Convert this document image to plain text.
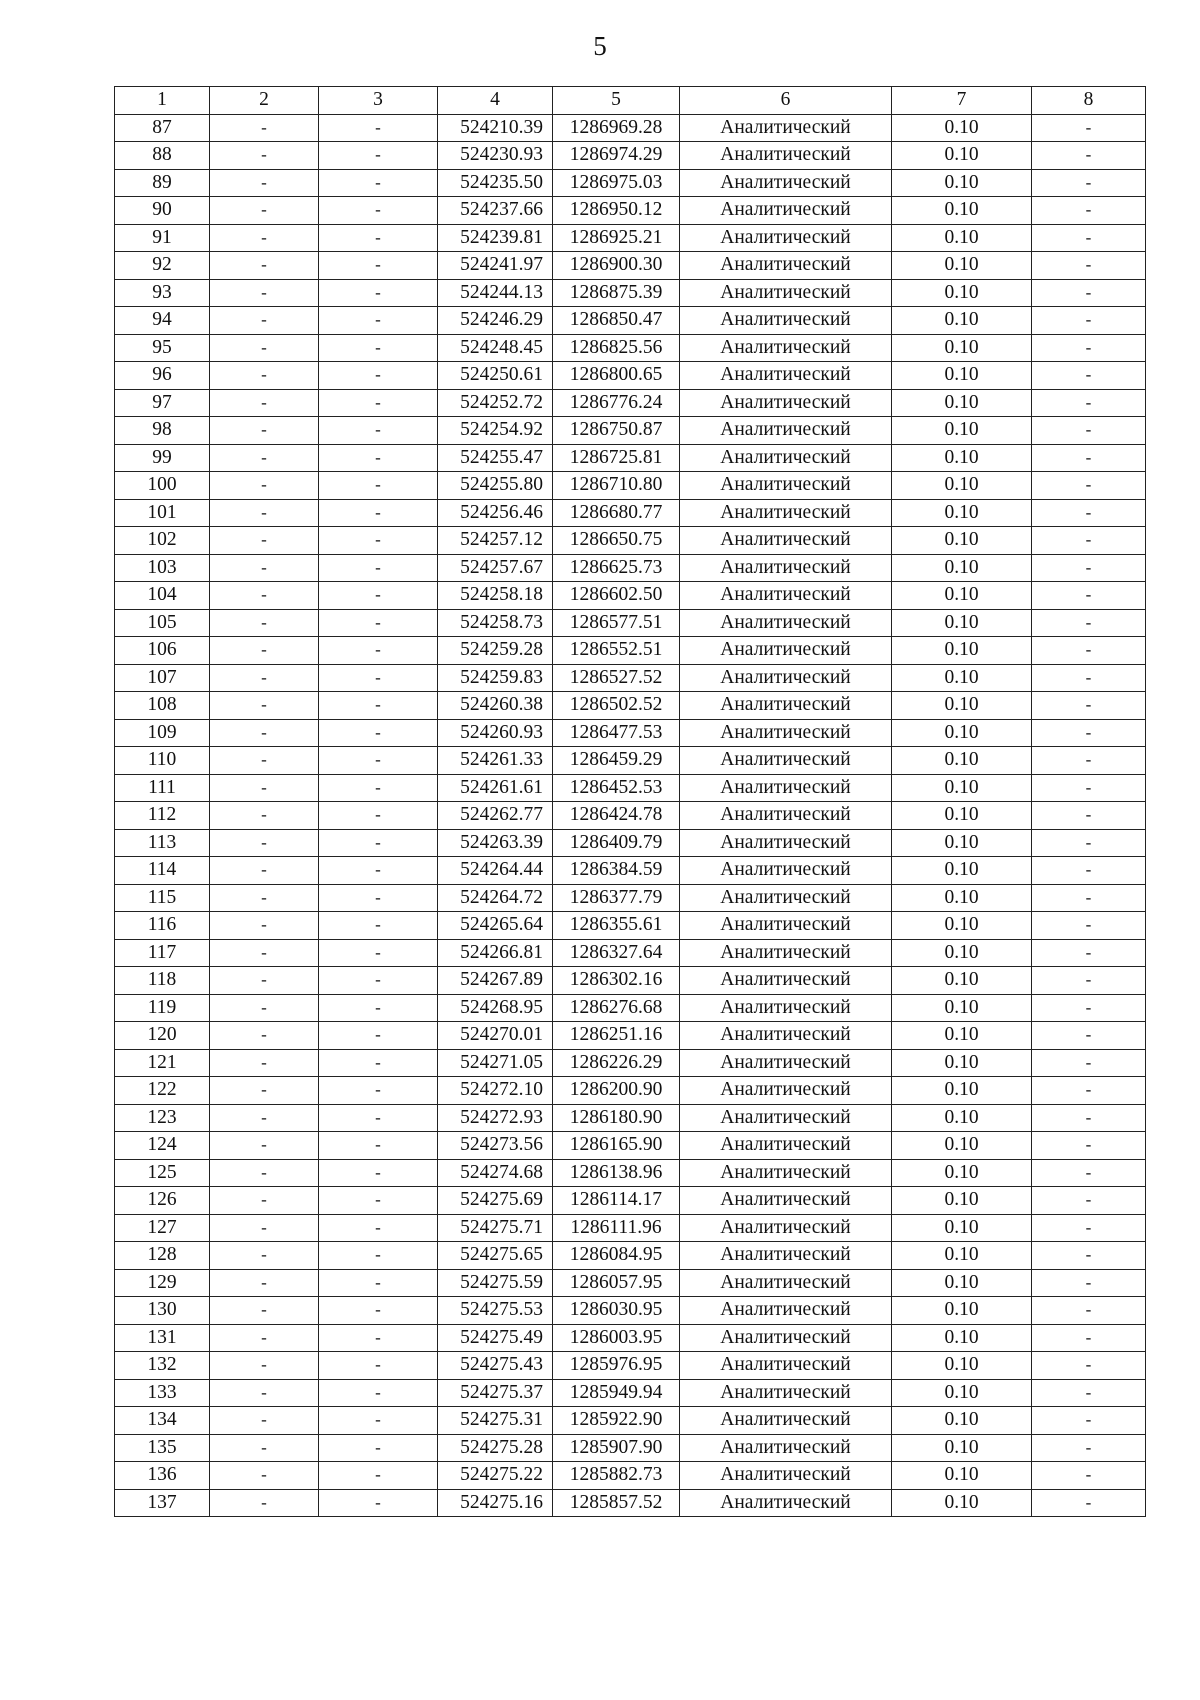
5
1	2	3	4	5	6	7	8
87	-	-	524210.39	1286969.28	Аналитический	0.10	-
88	-	-	524230.93	1286974.29	Аналитический	0.10	-
89	-	-	524235.50	1286975.03	Аналитический	0.10	-
90	-	-	524237.66	1286950.12	Аналитический	0.10	-
91	-	-	524239.81	1286925.21	Аналитический	0.10	-
92	-	-	524241.97	1286900.30	Аналитический	0.10	-
93	-	-	524244.13	1286875.39	Аналитический	0.10	-
94	-	-	524246.29	1286850.47	Аналитический	0.10	-
95	-	-	524248.45	1286825.56	Аналитический	0.10	-
96	-	-	524250.61	1286800.65	Аналитический	0.10	-
97	-	-	524252.72	1286776.24	Аналитический	0.10	-
98	-	-	524254.92	1286750.87	Аналитический	0.10	-
99	-	-	524255.47	1286725.81	Аналитический	0.10	-
100	-	-	524255.80	1286710.80	Аналитический	0.10	-
101	-	-	524256.46	1286680.77	Аналитический	0.10	-
102	-	-	524257.12	1286650.75	Аналитический	0.10	-
103	-	-	524257.67	1286625.73	Аналитический	0.10	-
104	-	-	524258.18	1286602.50	Аналитический	0.10	-
105	-	-	524258.73	1286577.51	Аналитический	0.10	-
106	-	-	524259.28	1286552.51	Аналитический	0.10	-
107	-	-	524259.83	1286527.52	Аналитический	0.10	-
108	-	-	524260.38	1286502.52	Аналитический	0.10	-
109	-	-	524260.93	1286477.53	Аналитический	0.10	-
110	-	-	524261.33	1286459.29	Аналитический	0.10	-
111	-	-	524261.61	1286452.53	Аналитический	0.10	-
112	-	-	524262.77	1286424.78	Аналитический	0.10	-
113	-	-	524263.39	1286409.79	Аналитический	0.10	-
114	-	-	524264.44	1286384.59	Аналитический	0.10	-
115	-	-	524264.72	1286377.79	Аналитический	0.10	-
116	-	-	524265.64	1286355.61	Аналитический	0.10	-
117	-	-	524266.81	1286327.64	Аналитический	0.10	-
118	-	-	524267.89	1286302.16	Аналитический	0.10	-
119	-	-	524268.95	1286276.68	Аналитический	0.10	-
120	-	-	524270.01	1286251.16	Аналитический	0.10	-
121	-	-	524271.05	1286226.29	Аналитический	0.10	-
122	-	-	524272.10	1286200.90	Аналитический	0.10	-
123	-	-	524272.93	1286180.90	Аналитический	0.10	-
124	-	-	524273.56	1286165.90	Аналитический	0.10	-
125	-	-	524274.68	1286138.96	Аналитический	0.10	-
126	-	-	524275.69	1286114.17	Аналитический	0.10	-
127	-	-	524275.71	1286111.96	Аналитический	0.10	-
128	-	-	524275.65	1286084.95	Аналитический	0.10	-
129	-	-	524275.59	1286057.95	Аналитический	0.10	-
130	-	-	524275.53	1286030.95	Аналитический	0.10	-
131	-	-	524275.49	1286003.95	Аналитический	0.10	-
132	-	-	524275.43	1285976.95	Аналитический	0.10	-
133	-	-	524275.37	1285949.94	Аналитический	0.10	-
134	-	-	524275.31	1285922.90	Аналитический	0.10	-
135	-	-	524275.28	1285907.90	Аналитический	0.10	-
136	-	-	524275.22	1285882.73	Аналитический	0.10	-
137	-	-	524275.16	1285857.52	Аналитический	0.10	-
